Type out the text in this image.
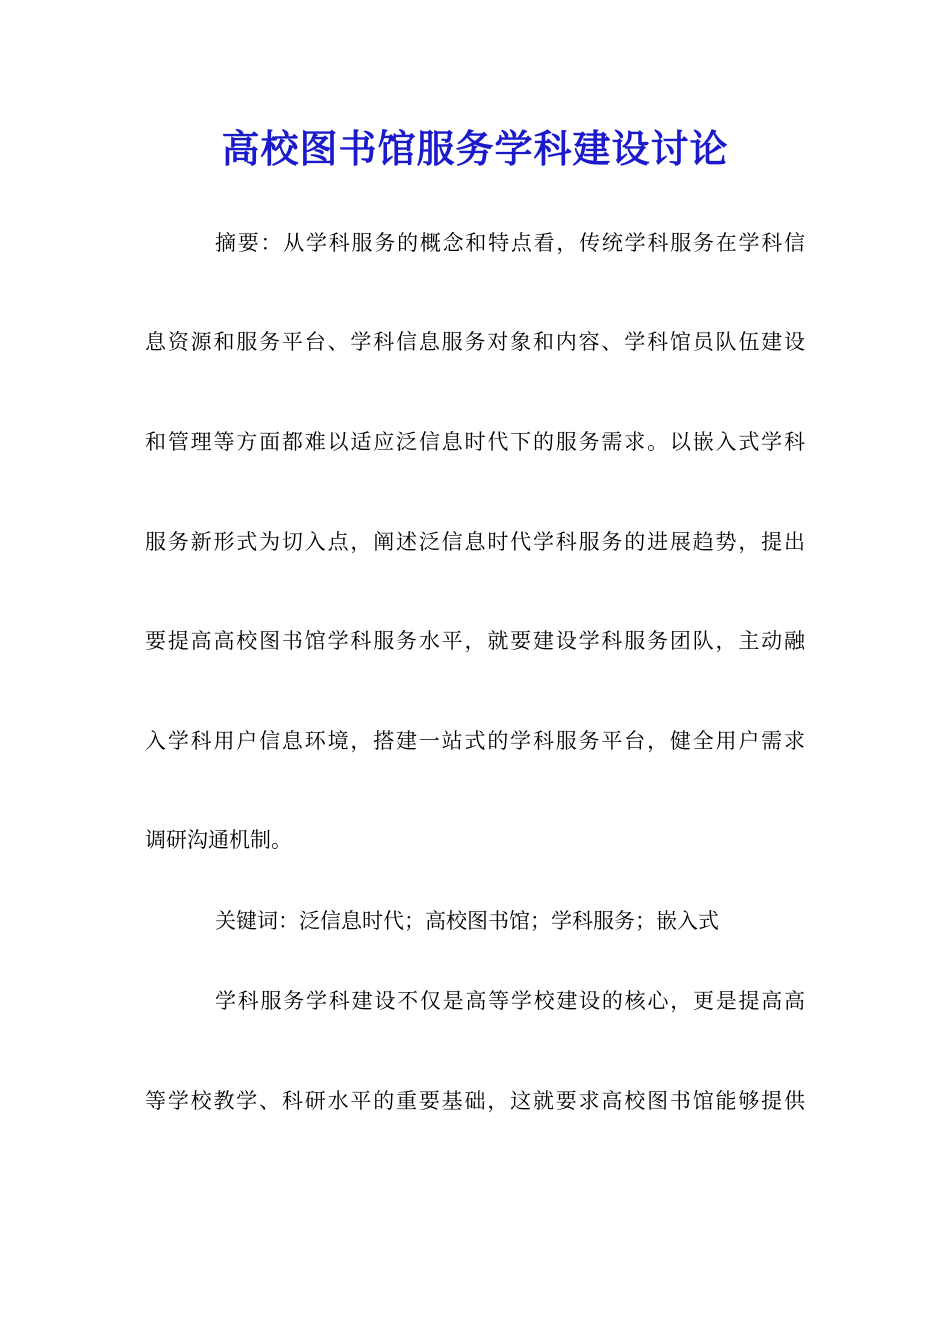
高校图书馆服务学科建设讨论
摘要：从学科服务的概念和特点看，传统学科服务在学科信
息资源和服务平台、学科信息服务对象和内容、学科馆员队伍建设
和管理等方面都难以适应泛信息时代下的服务需求。以嵌入式学科
服务新形式为切入点，阐述泛信息时代学科服务的进展趋势，提出
要提高高校图书馆学科服务水平，就要建设学科服务团队，主动融
入学科用户信息环境，搭建一站式的学科服务平台，健全用户需求
调研沟通机制。
关键词：泛信息时代；高校图书馆；学科服务；嵌入式
学科服务学科建设不仅是高等学校建设的核心，更是提高高
等学校教学、科研水平的重要基础，这就要求高校图书馆能够提供
